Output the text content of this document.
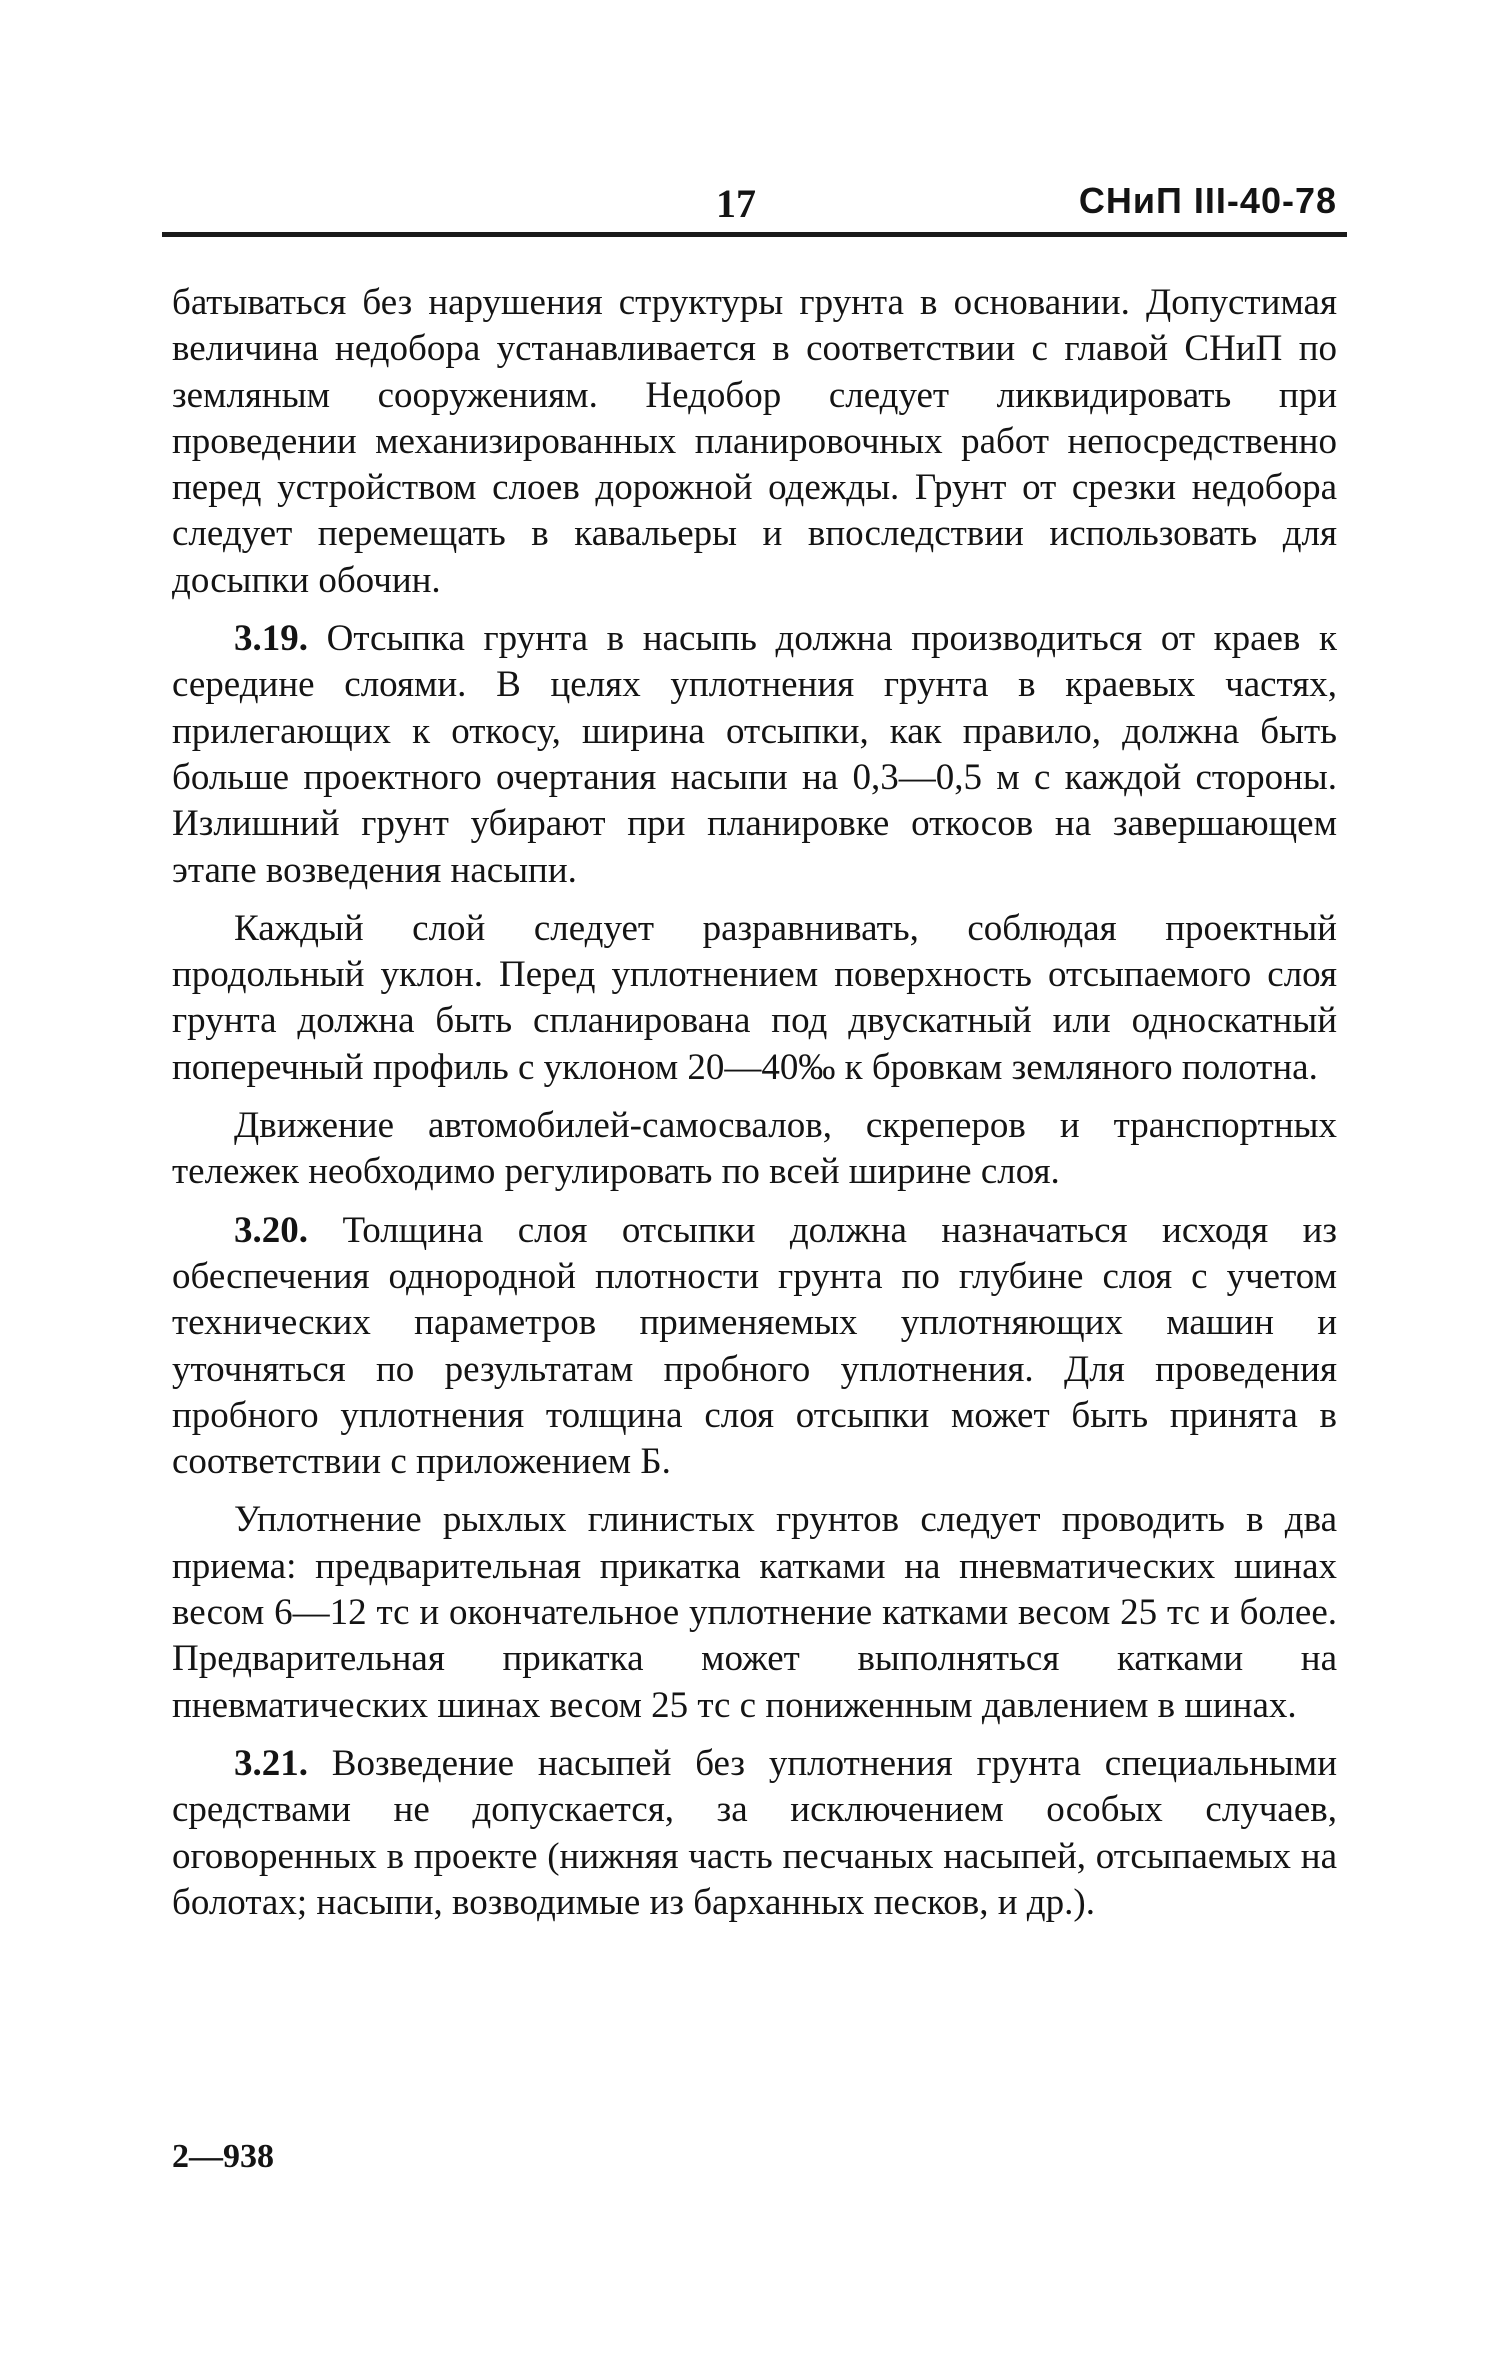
17	СНиП III-40-78

батываться без нарушения структуры грунта в основании. Допустимая величина недобора устанавливается в соответствии с главой СНиП по земляным сооружениям. Недобор следует ликвидировать при проведении механизированных планировочных работ непосредственно перед устройством слоев дорожной одежды. Грунт от срезки недобора следует перемещать в кавальеры и впоследствии использовать для досыпки обочин.

3.19. Отсыпка грунта в насыпь должна производиться от краев к середине слоями. В целях уплотнения грунта в краевых частях, прилегающих к откосу, ширина отсыпки, как правило, должна быть больше проектного очертания насыпи на 0,3—0,5 м с каждой стороны. Излишний грунт убирают при планировке откосов на завершающем этапе возведения насыпи.

Каждый слой следует разравнивать, соблюдая проектный продольный уклон. Перед уплотнением поверхность отсыпаемого слоя грунта должна быть спланирована под двускатный или односкатный поперечный профиль с уклоном 20—40‰ к бровкам земляного полотна.

Движение автомобилей-самосвалов, скреперов и транспортных тележек необходимо регулировать по всей ширине слоя.

3.20. Толщина слоя отсыпки должна назначаться исходя из обеспечения однородной плотности грунта по глубине слоя с учетом технических параметров применяемых уплотняющих машин и уточняться по результатам пробного уплотнения. Для проведения пробного уплотнения толщина слоя отсыпки может быть принята в соответствии с приложением Б.

Уплотнение рыхлых глинистых грунтов следует проводить в два приема: предварительная прикатка катками на пневматических шинах весом 6—12 тс и окончательное уплотнение катками весом 25 тс и более. Предварительная прикатка может выполняться катками на пневматических шинах весом 25 тс с пониженным давлением в шинах.

3.21. Возведение насыпей без уплотнения грунта специальными средствами не допускается, за исключением особых случаев, оговоренных в проекте (нижняя часть песчаных насыпей, отсыпаемых на болотах; насыпи, возводимые из барханных песков, и др.).

2—938
